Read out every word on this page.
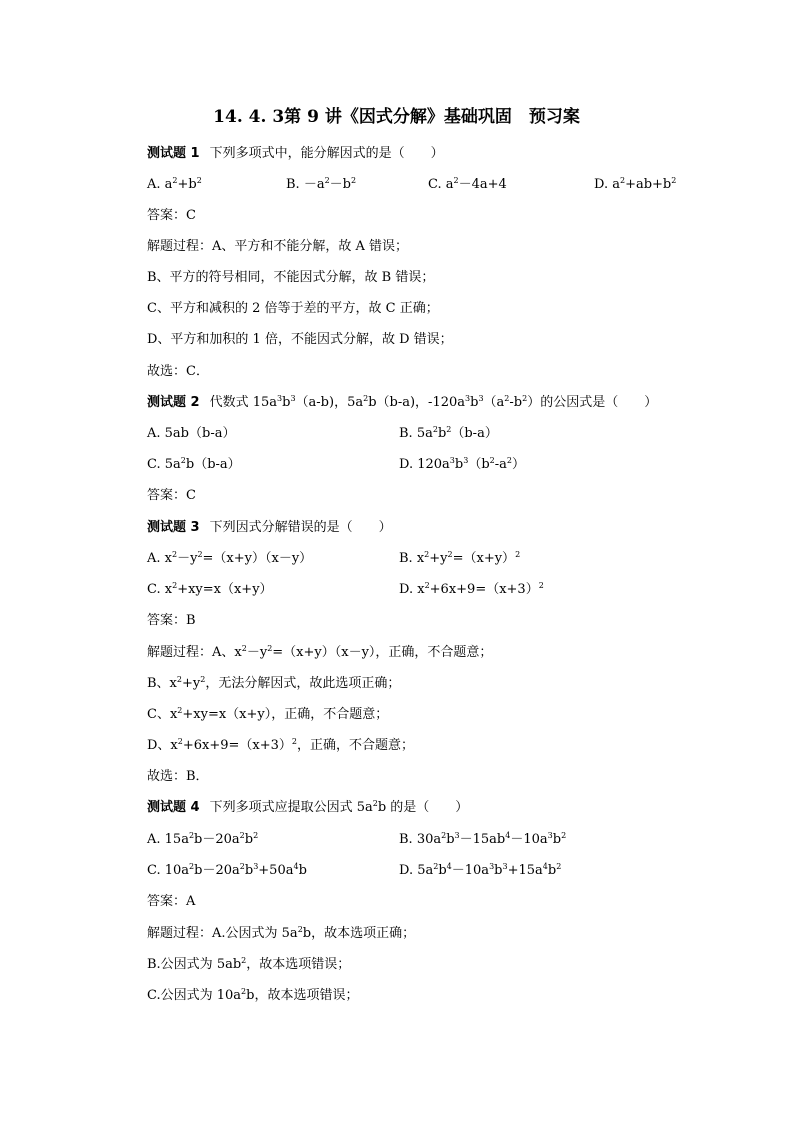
14. 4. 3第 9 讲《因式分解》基础巩固　预习案
测试题 1 下列多项式中，能分解因式的是（　　）
A. $a^2+b^2$	B. $-a^2-b^2$	C. $a^2-4a+4$	D. $a^2+ab+b^2$
答案：C
解题过程：A、平方和不能分解，故 A 错误；
B、平方的符号相同，不能因式分解，故 B 错误；
C、平方和减积的 2 倍等于差的平方，故 C 正确；
D、平方和加积的 1 倍，不能因式分解，故 D 错误；
故选：C．
测试题 2 代数式 $15a^3b^3(a-b)$，$5a^2b(b-a)$，$-120a^3b^3(a^2-b^2)$的公因式是（　　）
A. 5ab（b-a）	B. $5a^2b^2(b-a)$
C. $5a^2b(b-a)$	D. $120a^3b^3(b^2-a^2)$
答案：C
测试题 3 下列因式分解错误的是（　　）
A. $x^2-y^2=(x+y)(x-y)$	B. $x^2+y^2=(x+y)^2$
C. $x^2+xy=x(x+y)$	D. $x^2+6x+9=(x+3)^2$
答案：B
解题过程：A、$x^2-y^2=(x+y)(x-y)$，正确，不合题意；
B、$x^2+y^2$，无法分解因式，故此选项正确；
C、$x^2+xy=x(x+y)$，正确，不合题意；
D、$x^2+6x+9=(x+3)^2$，正确，不合题意；
故选：B．
测试题 4 下列多项式应提取公因式 $5a^2b$ 的是（　　）
A. $15a^2b-20a^2b^2$	B. $30a^2b^3-15ab^4-10a^3b^2$
C. $10a^2b-20a^2b^3+50a^4b$	D. $5a^2b^4-10a^3b^3+15a^4b^2$
答案：A
解题过程：A.公因式为 $5a^2b$，故本选项正确；
B.公因式为 $5ab^2$，故本选项错误；
C.公因式为 $10a^2b$，故本选项错误；
